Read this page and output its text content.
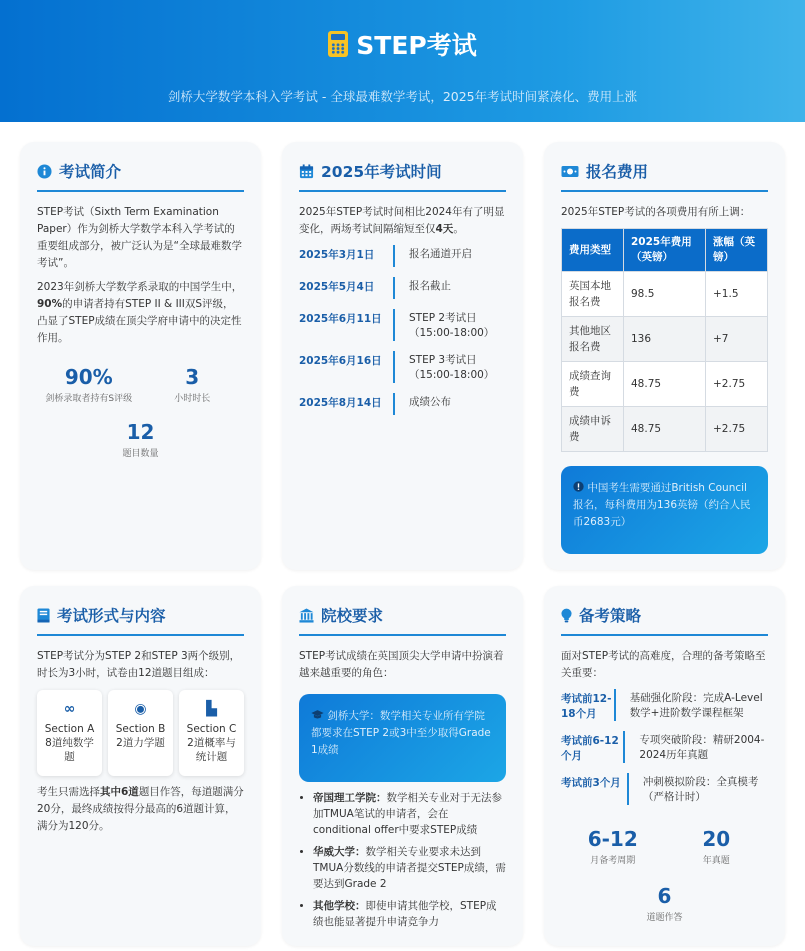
STEP考试
剑桥大学数学本科入学考试 - 全球最难数学考试，2025年考试时间紧凑化、费用上涨
考试简介

STEP考试（Sixth Term Examination Paper）作为剑桥大学数学本科入学考试的重要组成部分，被广泛认为是“全球最难数学考试”。

2023年剑桥大学数学系录取的中国学生中，90%的申请者持有STEP II & III双S评级，凸显了STEP成绩在顶尖学府申请中的决定性作用。

90%
剑桥录取者持有S评级
3
小时时长
12
题目数量
2025年考试时间

2025年STEP考试时间相比2024年有了明显变化，两场考试间隔缩短至仅4天。

2025年3月1日	报名通道开启
2025年5月4日	报名截止
2025年6月11日	STEP 2考试日（15:00-18:00）
2025年6月16日	STEP 3考试日（15:00-18:00）
2025年8月14日	成绩公布
报名费用

2025年STEP考试的各项费用有所上调：

费用类型	2025年费用（英镑）	涨幅（英镑）
英国本地报名费	98.5	+1.5
其他地区报名费	136	+7
成绩查询费	48.75	+2.75
成绩申诉费	48.75	+2.75
中国考生需要通过British Council报名，每科费用为136英镑（约合人民币2683元）
考试形式与内容

STEP考试分为STEP 2和STEP 3两个级别，时长为3小时，试卷由12道题目组成：

∞
Section A
8道纯数学题
◉
Section B
2道力学题
▙
Section C
2道概率与统计题

考生只需选择其中6道题目作答，每道题满分20分，最终成绩按得分最高的6道题计算，满分为120分。

院校要求

STEP考试成绩在英国顶尖大学申请中扮演着越来越重要的角色：

剑桥大学：数学相关专业所有学院都要求在STEP 2或3中至少取得Grade 1成绩
• 帝国理工学院：数学相关专业对于无法参加TMUA笔试的申请者，会在conditional offer中要求STEP成绩
• 华威大学：数学相关专业要求未达到TMUA分数线的申请者提交STEP成绩，需要达到Grade 2
• 其他学校：即使申请其他学校，STEP成绩也能显著提升申请竞争力
备考策略

面对STEP考试的高难度，合理的备考策略至关重要：

考试前12-18个月
基础强化阶段：完成A-Level数学+进阶数学课程框架
考试前6-12个月
专项突破阶段：精研2004-2024历年真题
考试前3个月	冲刺模拟阶段：全真模考（严格计时）
6-12
月备考周期
20
年真题
6
道题作答
